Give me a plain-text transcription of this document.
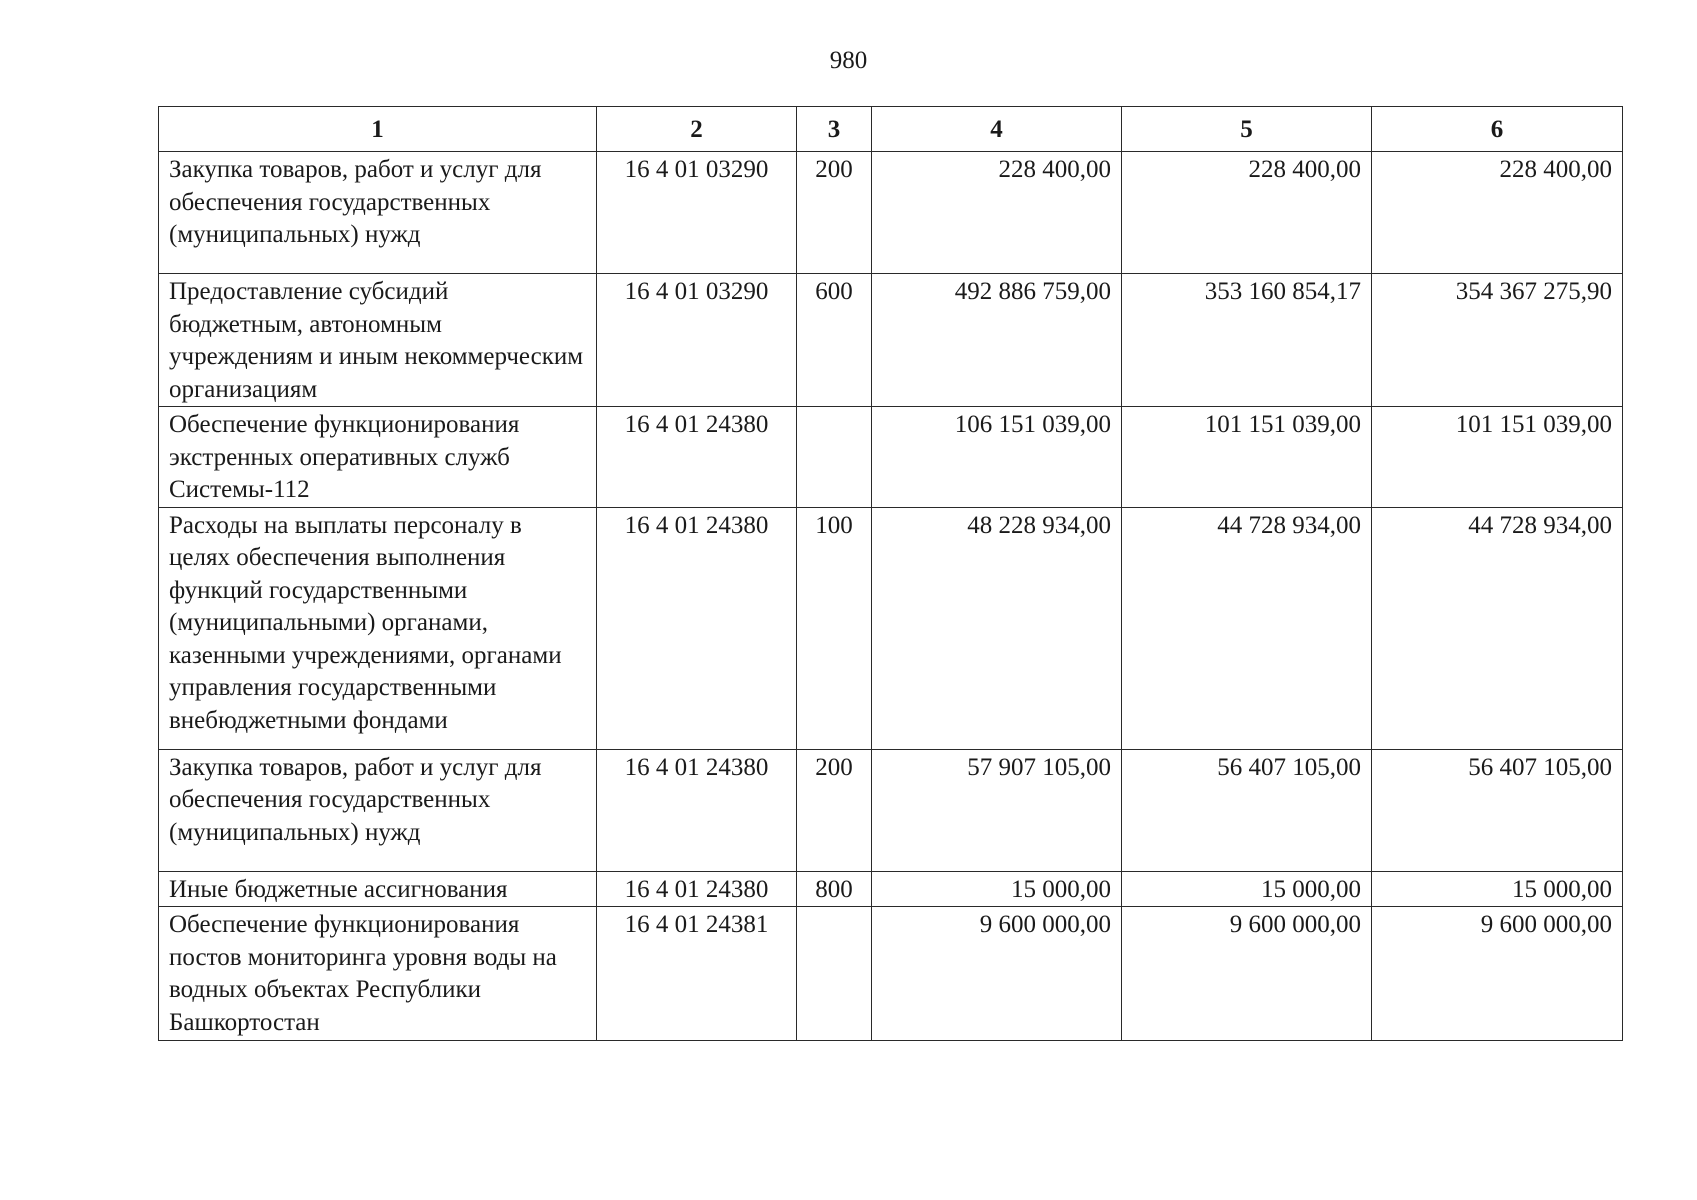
980
1	2	3	4	5	6
Закупка товаров, работ и услуг для обеспечения государственных (муниципальных) нужд	16 4 01 03290	200	228 400,00	228 400,00	228 400,00
Предоставление субсидий бюджетным, автономным учреждениям и иным некоммерческим организациям	16 4 01 03290	600	492 886 759,00	353 160 854,17	354 367 275,90
Обеспечение функционирования экстренных оперативных служб Системы-112	16 4 01 24380		106 151 039,00	101 151 039,00	101 151 039,00
Расходы на выплаты персоналу в целях обеспечения выполнения функций государственными (муниципальными) органами, казенными учреждениями, органами управления государственными внебюджетными фондами	16 4 01 24380	100	48 228 934,00	44 728 934,00	44 728 934,00
Закупка товаров, работ и услуг для обеспечения государственных (муниципальных) нужд	16 4 01 24380	200	57 907 105,00	56 407 105,00	56 407 105,00
Иные бюджетные ассигнования	16 4 01 24380	800	15 000,00	15 000,00	15 000,00
Обеспечение функционирования постов мониторинга уровня воды на водных объектах Республики Башкортостан	16 4 01 24381		9 600 000,00	9 600 000,00	9 600 000,00
